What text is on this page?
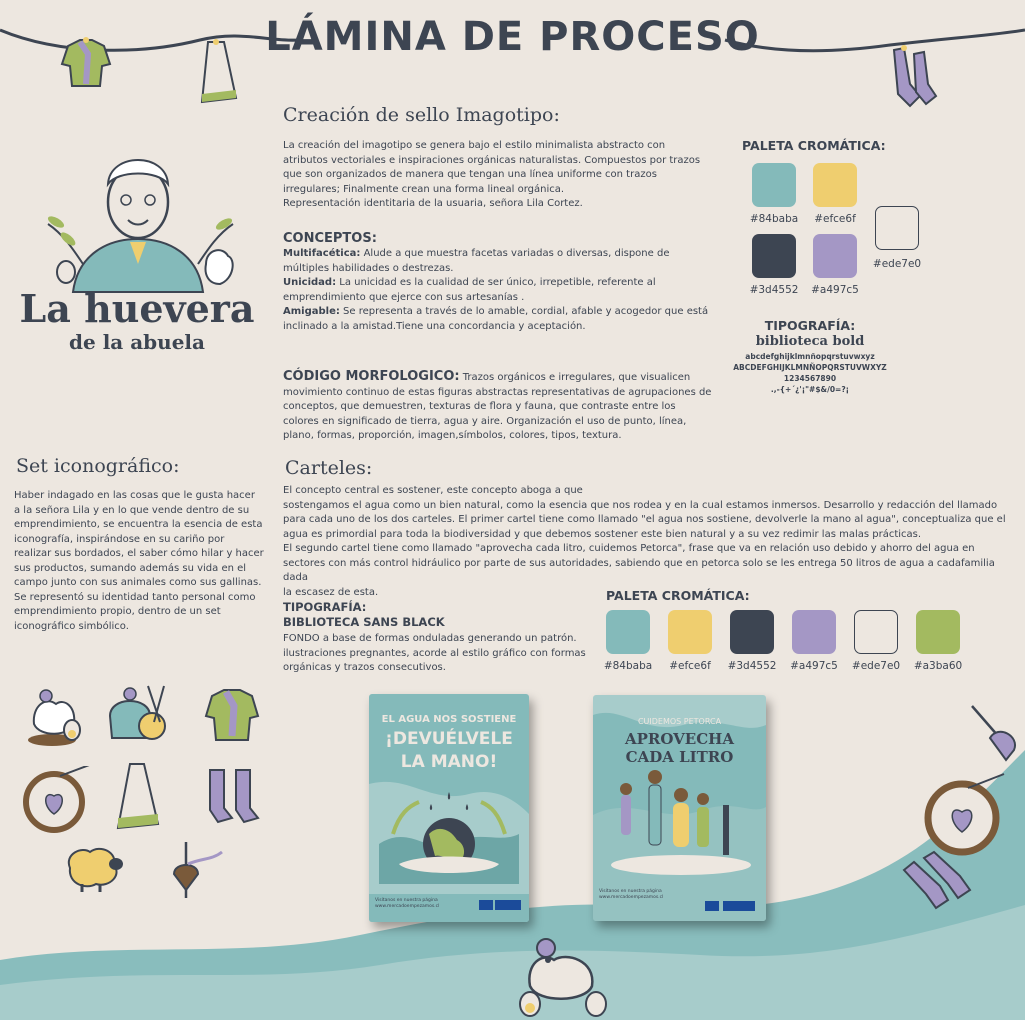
LÁMINA DE PROCESO
La huevera
de la abuela
Creación de sello Imagotipo:
La creación del imagotipo se genera bajo el estilo minimalista abstracto con atributos vectoriales e inspiraciones orgánicas naturalistas. Compuestos por trazos que son organizados de manera que tengan una línea uniforme con trazos irregulares; Finalmente crean una forma lineal orgánica.
Representación identitaria de la usuaria, señora Lila Cortez.
CONCEPTOS:
Multifacética: Alude a que muestra facetas variadas o diversas, dispone de múltiples habilidades o destrezas.
Unicidad: La unicidad es la cualidad de ser único, irrepetible, referente al emprendimiento que ejerce con sus artesanías .
Amigable: Se representa a través de lo amable, cordial, afable y acogedor que está inclinado a la amistad.Tiene una concordancia y aceptación.
CÓDIGO MORFOLOGICO: Trazos orgánicos e irregulares, que visualicen movimiento continuo de estas figuras abstractas representativas de agrupaciones de conceptos, que demuestren, texturas de flora y fauna, que contraste entre los colores en significado de tierra, agua y aire. Organización el uso de punto, línea, plano, formas, proporción, imagen,símbolos, colores, tipos, textura.
PALETA CROMÁTICA:
#84baba	#efce6f
#3d4552	#a497c5
#ede7e0
TIPOGRAFÍA:
biblioteca bold
abcdefghijklmnñopqrstuvwxyz
ABCDEFGHIJKLMNÑOPQRSTUVWXYZ
1234567890
.,-{+´¿'¡"#$&/0=?¡
Set iconográfico:
Haber indagado en las cosas que le gusta hacer a la señora Lila y en lo que vende dentro de su emprendimiento, se encuentra la esencia de esta iconografía, inspirándose en su cariño por realizar sus bordados, el saber cómo hilar y hacer sus productos, sumando además su vida en el campo junto con sus animales como sus gallinas.
Se representó su identidad tanto personal como emprendimiento propio, dentro de un set iconográfico simbólico.
Carteles:
El concepto central es sostener, este concepto aboga a que
sostengamos el agua como un bien natural, como la esencia que nos rodea y en la cual estamos inmersos. Desarrollo y redacción del llamado para cada uno de los dos carteles. El primer cartel tiene como llamado "el agua nos sostiene, devolverle la mano al agua", conceptualiza que el agua es primordial para toda la biodiversidad y que debemos sostener este bien natural y a su vez redimir las malas prácticas.
El segundo cartel tiene como llamado "aprovecha cada litro, cuidemos Petorca", frase que va en relación uso debido y ahorro del agua en sectores con más control hidráulico por parte de sus autoridades, sabiendo que en petorca solo se les entrega 50 litros de agua a cadafamilia dada
la escasez de esta.
TIPOGRAFÍA:
BIBLIOTECA SANS BLACK
FONDO a base de formas onduladas generando un patrón. ilustraciones pregnantes, acorde al estilo gráfico con formas orgánicas y trazos consecutivos.
PALETA CROMÁTICA:
#84baba	#efce6f	#3d4552	#a497c5	#ede7e0	#a3ba60
EL AGUA NOS SOSTIENE
¡DEVUÉLVELE
LA MANO!
Visítanos en nuestra página www.mercadoempezamos.cl
CUIDEMOS PETORCA
APROVECHA
CADA LITRO
Visítanos en nuestra página www.mercadoempezamos.cl
